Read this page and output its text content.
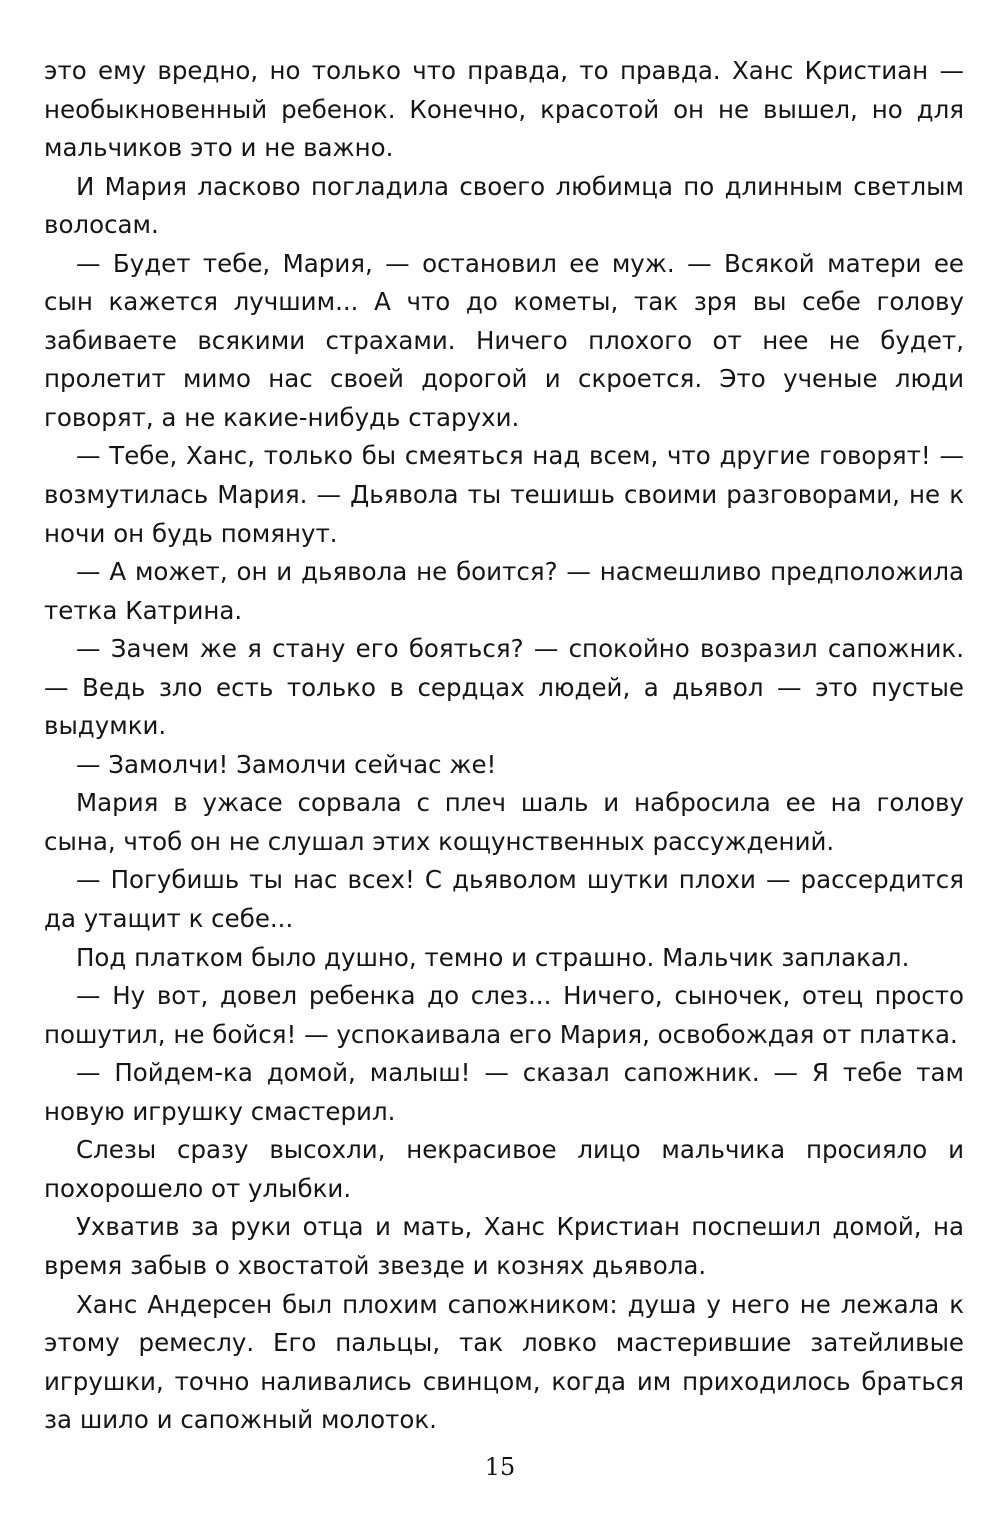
это ему вредно, но только что правда, то правда. Ханс Кристиан — необыкновенный ребенок. Конечно, красотой он не вышел, но для мальчиков это и не важно.

И Мария ласково погладила своего любимца по длинным светлым волосам.

— Будет тебе, Мария, — остановил ее муж. — Всякой матери ее сын кажется лучшим... А что до кометы, так зря вы себе голову забиваете всякими страхами. Ничего плохого от нее не будет, пролетит мимо нас своей дорогой и скроется. Это ученые люди говорят, а не какие-нибудь старухи.

— Тебе, Ханс, только бы смеяться над всем, что другие говорят! — возмутилась Мария. — Дьявола ты тешишь своими разговорами, не к ночи он будь помянут.

— А может, он и дьявола не боится? — насмешливо предположила тетка Катрина.

— Зачем же я стану его бояться? — спокойно возразил сапожник. — Ведь зло есть только в сердцах людей, а дьявол — это пустые выдумки.

— Замолчи! Замолчи сейчас же!

Мария в ужасе сорвала с плеч шаль и набросила ее на голову сына, чтоб он не слушал этих кощунственных рассуждений.

— Погубишь ты нас всех! С дьяволом шутки плохи — рассердится да утащит к себе...

Под платком было душно, темно и страшно. Мальчик заплакал.

— Ну вот, довел ребенка до слез... Ничего, сыночек, отец просто пошутил, не бойся! — успокаивала его Мария, освобождая от платка.

— Пойдем-ка домой, малыш! — сказал сапожник. — Я тебе там новую игрушку смастерил.

Слезы сразу высохли, некрасивое лицо мальчика просияло и похорошело от улыбки.

Ухватив за руки отца и мать, Ханс Кристиан поспешил домой, на время забыв о хвостатой звезде и кознях дьявола.

Ханс Андерсен был плохим сапожником: душа у него не лежала к этому ремеслу. Его пальцы, так ловко мастерившие затейливые игрушки, точно наливались свинцом, когда им приходилось браться за шило и сапожный молоток.

15
